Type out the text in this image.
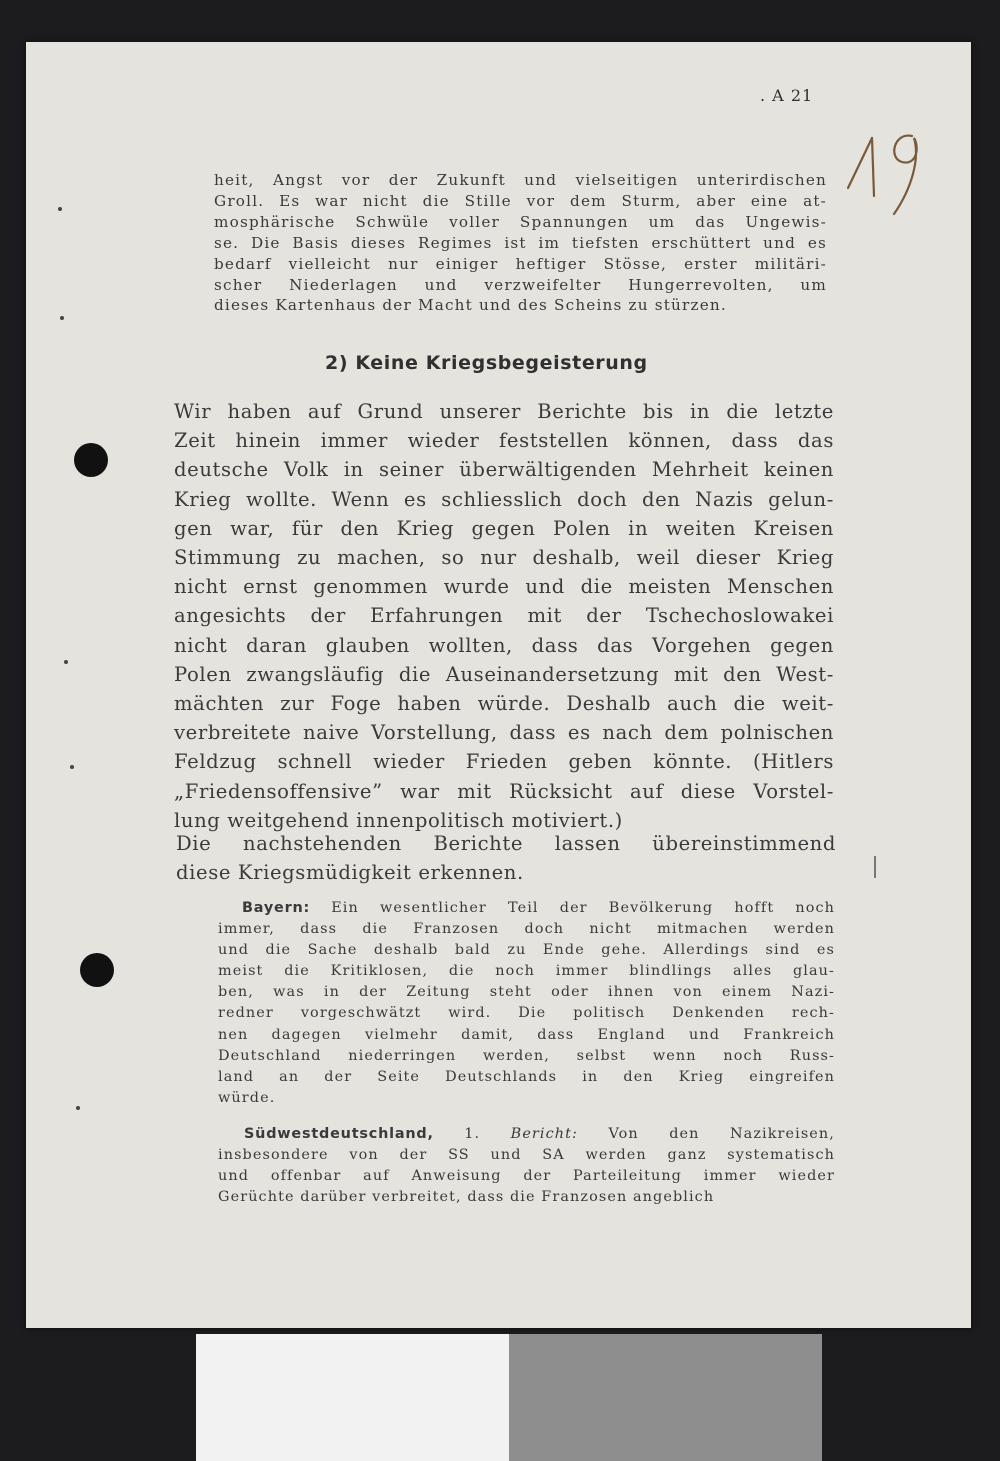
. A 21
heit, Angst vor der Zukunft und vielseitigen unterirdischen
Groll. Es war nicht die Stille vor dem Sturm, aber eine at-
mosphärische Schwüle voller Spannungen um das Ungewis-
se. Die Basis dieses Regimes ist im tiefsten erschüttert und es
bedarf vielleicht nur einiger heftiger Stösse, erster militäri-
scher Niederlagen und verzweifelter Hungerrevolten, um
dieses Kartenhaus der Macht und des Scheins zu stürzen.
2) Keine Kriegsbegeisterung
Wir haben auf Grund unserer Berichte bis in die letzte
Zeit hinein immer wieder feststellen können, dass das
deutsche Volk in seiner überwältigenden Mehrheit keinen
Krieg wollte. Wenn es schliesslich doch den Nazis gelun-
gen war, für den Krieg gegen Polen in weiten Kreisen
Stimmung zu machen, so nur deshalb, weil dieser Krieg
nicht ernst genommen wurde und die meisten Menschen
angesichts der Erfahrungen mit der Tschechoslowakei
nicht daran glauben wollten, dass das Vorgehen gegen
Polen zwangsläufig die Auseinandersetzung mit den West-
mächten zur Foge haben würde. Deshalb auch die weit-
verbreitete naive Vorstellung, dass es nach dem polnischen
Feldzug schnell wieder Frieden geben könnte. (Hitlers
„Friedensoffensive” war mit Rücksicht auf diese Vorstel-
lung weitgehend innenpolitisch motiviert.)
Die nachstehenden Berichte lassen übereinstimmend
diese Kriegsmüdigkeit erkennen.
Bayern: Ein wesentlicher Teil der Bevölkerung hofft noch
immer, dass die Franzosen doch nicht mitmachen werden
und die Sache deshalb bald zu Ende gehe. Allerdings sind es
meist die Kritiklosen, die noch immer blindlings alles glau-
ben, was in der Zeitung steht oder ihnen von einem Nazi-
redner vorgeschwätzt wird. Die politisch Denkenden rech-
nen dagegen vielmehr damit, dass England und Frankreich
Deutschland niederringen werden, selbst wenn noch Russ-
land an der Seite Deutschlands in den Krieg eingreifen
würde.
Südwestdeutschland, 1. Bericht: Von den Nazikreisen,
insbesondere von der SS und SA werden ganz systematisch
und offenbar auf Anweisung der Parteileitung immer wieder
Gerüchte darüber verbreitet, dass die Franzosen angeblich
